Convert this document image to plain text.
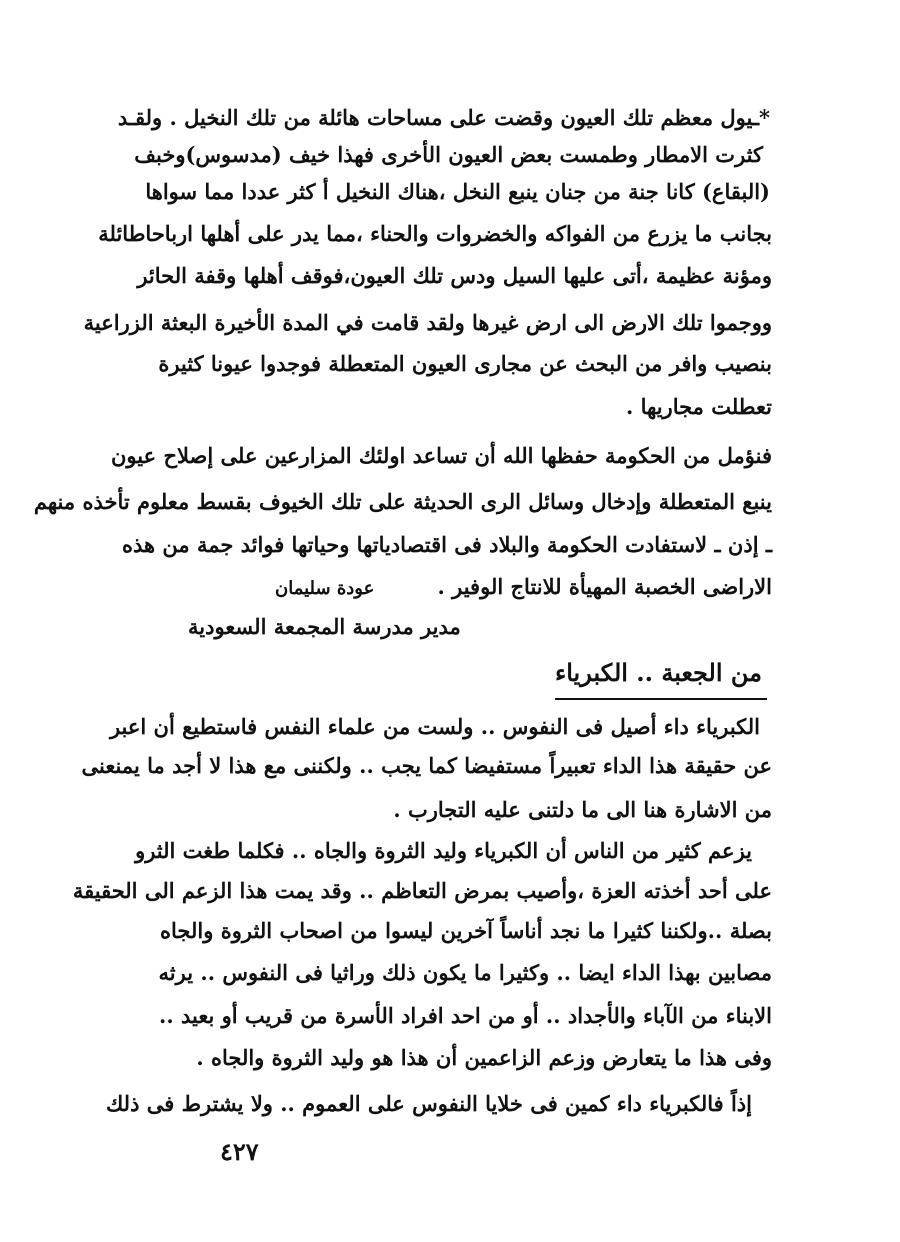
*ـيول معظم تلك العيون وقضت على مساحات هائلة من تلك النخيل . ولقـد
كثرت الامطار وطمست بعض العيون الأخرى فهذا خيف (مدسوس)وخبف
(البقاع) كانا جنة من جنان ينبع النخل ،هناك النخيل أ كثر عددا مما سواها
بجانب ما يزرع من الفواكه والخضروات والحناء ،مما يدر على أهلها ارباحاطائلة
ومؤنة عظيمة ،أتى عليها السيل ودس تلك العيون،فوقف أهلها وقفة الحائر
ووجموا تلك الارض الى ارض غيرها ولقد قامت في المدة الأخيرة البعثة الزراعية
بنصيب وافر من البحث عن مجارى العيون المتعطلة فوجدوا عيونا كثيرة
تعطلت مجاريها .
فنؤمل من الحكومة حفظها الله أن تساعد اولئك المزارعين على إصلاح عيون
ينبع المتعطلة وإدخال وسائل الرى الحديثة على تلك الخيوف بقسط معلوم تأخذه منهم
ـ إذن ـ لاستفادت الحكومة والبلاد فى اقتصادياتها وحياتها فوائد جمة من هذه
الاراضى الخصبة المهيأة للانتاج الوفير .
عودة سليمان
مدير مدرسة المجمعة السعودية
من الجعبة .. الكبرياء
الكبرياء داء أصيل فى النفوس .. ولست من علماء النفس فاستطيع أن اعبر
عن حقيقة هذا الداء تعبيراً مستفيضا كما يجب .. ولكننى مع هذا لا أجد ما يمنعنى
من الاشارة هنا الى ما دلتنى عليه التجارب .
يزعم كثير من الناس أن الكبرياء وليد الثروة والجاه .. فكلما طغت الثرو
على أحد أخذته العزة ،وأصيب بمرض التعاظم .. وقد يمت هذا الزعم الى الحقيقة
بصلة ..ولكننا كثيرا ما نجد أناساً آخرين ليسوا من اصحاب الثروة والجاه
مصابين بهذا الداء ايضا .. وكثيرا ما يكون ذلك وراثيا فى النفوس .. يرثه
الابناء من الآباء والأجداد .. أو من احد افراد الأسرة من قريب أو بعيد ..
وفى هذا ما يتعارض وزعم الزاعمين أن هذا هو وليد الثروة والجاه .
إذاً فالكبرياء داء كمين فى خلايا النفوس على العموم .. ولا يشترط فى ذلك
٤٢٧
